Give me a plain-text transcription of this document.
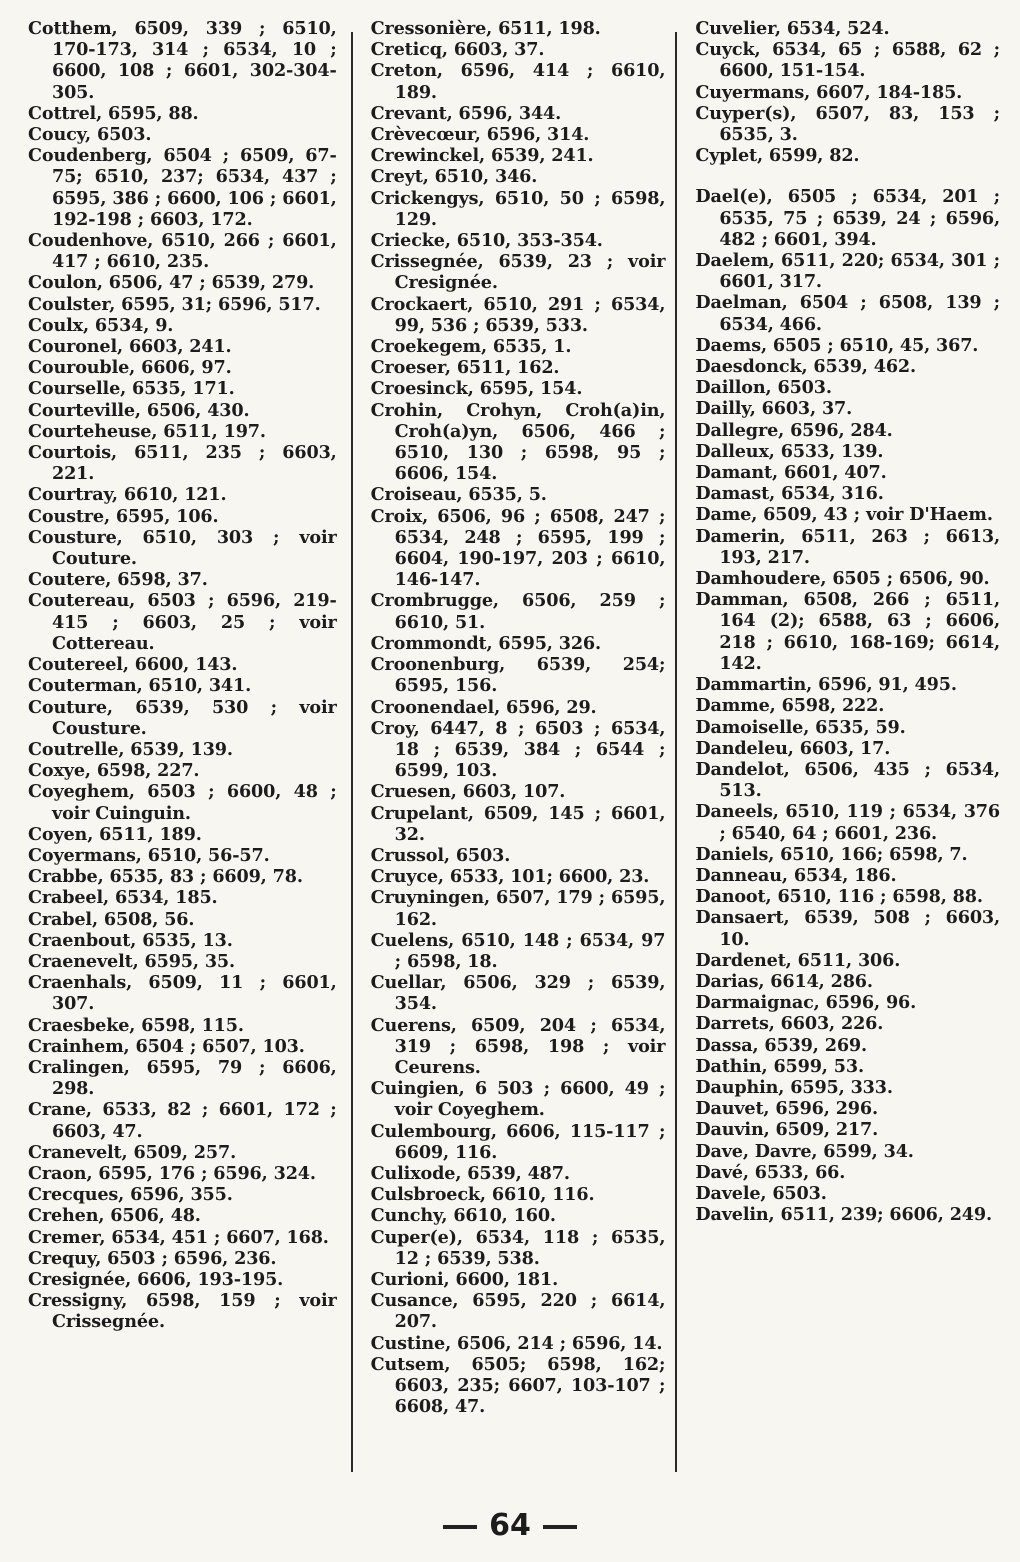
Cotthem, 6509, 339 ; 6510, 170-173, 314 ; 6534, 10 ; 6600, 108 ; 6601, 302-304-305.
Cottrel, 6595, 88.
Coucy, 6503.
Coudenberg, 6504 ; 6509, 67-75; 6510, 237; 6534, 437 ; 6595, 386 ; 6600, 106 ; 6601, 192-198 ; 6603, 172.
Coudenhove, 6510, 266 ; 6601, 417 ; 6610, 235.
Coulon, 6506, 47 ; 6539, 279.
Coulster, 6595, 31; 6596, 517.
Coulx, 6534, 9.
Couronel, 6603, 241.
Courouble, 6606, 97.
Courselle, 6535, 171.
Courteville, 6506, 430.
Courteheuse, 6511, 197.
Courtois, 6511, 235 ; 6603, 221.
Courtray, 6610, 121.
Coustre, 6595, 106.
Cousture, 6510, 303 ; voir Couture.
Coutere, 6598, 37.
Coutereau, 6503 ; 6596, 219-415 ; 6603, 25 ; voir Cottereau.
Coutereel, 6600, 143.
Couterman, 6510, 341.
Couture, 6539, 530 ; voir Cousture.
Coutrelle, 6539, 139.
Coxye, 6598, 227.
Coyeghem, 6503 ; 6600, 48 ; voir Cuinguin.
Coyen, 6511, 189.
Coyermans, 6510, 56-57.
Crabbe, 6535, 83 ; 6609, 78.
Crabeel, 6534, 185.
Crabel, 6508, 56.
Craenbout, 6535, 13.
Craenevelt, 6595, 35.
Craenhals, 6509, 11 ; 6601, 307.
Craesbeke, 6598, 115.
Crainhem, 6504 ; 6507, 103.
Cralingen, 6595, 79 ; 6606, 298.
Crane, 6533, 82 ; 6601, 172 ; 6603, 47.
Cranevelt, 6509, 257.
Craon, 6595, 176 ; 6596, 324.
Crecques, 6596, 355.
Crehen, 6506, 48.
Cremer, 6534, 451 ; 6607, 168.
Crequy, 6503 ; 6596, 236.
Cresignée, 6606, 193-195.
Cressigny, 6598, 159 ; voir Crissegnée.
Cressonière, 6511, 198.
Creticq, 6603, 37.
Creton, 6596, 414 ; 6610, 189.
Crevant, 6596, 344.
Crèvecœur, 6596, 314.
Crewinckel, 6539, 241.
Creyt, 6510, 346.
Crickengys, 6510, 50 ; 6598, 129.
Criecke, 6510, 353-354.
Crissegnée, 6539, 23 ; voir Cresignée.
Crockaert, 6510, 291 ; 6534, 99, 536 ; 6539, 533.
Croekegem, 6535, 1.
Croeser, 6511, 162.
Croesinck, 6595, 154.
Crohin, Crohyn, Croh(a)in, Croh(a)yn, 6506, 466 ; 6510, 130 ; 6598, 95 ; 6606, 154.
Croiseau, 6535, 5.
Croix, 6506, 96 ; 6508, 247 ; 6534, 248 ; 6595, 199 ; 6604, 190-197, 203 ; 6610, 146-147.
Crombrugge, 6506, 259 ; 6610, 51.
Crommondt, 6595, 326.
Croonenburg, 6539, 254; 6595, 156.
Croonendael, 6596, 29.
Croy, 6447, 8 ; 6503 ; 6534, 18 ; 6539, 384 ; 6544 ; 6599, 103.
Cruesen, 6603, 107.
Crupelant, 6509, 145 ; 6601, 32.
Crussol, 6503.
Cruyce, 6533, 101; 6600, 23.
Cruyningen, 6507, 179 ; 6595, 162.
Cuelens, 6510, 148 ; 6534, 97 ; 6598, 18.
Cuellar, 6506, 329 ; 6539, 354.
Cuerens, 6509, 204 ; 6534, 319 ; 6598, 198 ; voir Ceurens.
Cuingien, 6 503 ; 6600, 49 ; voir Coyeghem.
Culembourg, 6606, 115-117 ; 6609, 116.
Culixode, 6539, 487.
Culsbroeck, 6610, 116.
Cunchy, 6610, 160.
Cuper(e), 6534, 118 ; 6535, 12 ; 6539, 538.
Curioni, 6600, 181.
Cusance, 6595, 220 ; 6614, 207.
Custine, 6506, 214 ; 6596, 14.
Cutsem, 6505; 6598, 162; 6603, 235; 6607, 103-107 ; 6608, 47.
Cuvelier, 6534, 524.
Cuyck, 6534, 65 ; 6588, 62 ; 6600, 151-154.
Cuyermans, 6607, 184-185.
Cuyper(s), 6507, 83, 153 ; 6535, 3.
Cyplet, 6599, 82.
Dael(e), 6505 ; 6534, 201 ; 6535, 75 ; 6539, 24 ; 6596, 482 ; 6601, 394.
Daelem, 6511, 220; 6534, 301 ; 6601, 317.
Daelman, 6504 ; 6508, 139 ; 6534, 466.
Daems, 6505 ; 6510, 45, 367.
Daesdonck, 6539, 462.
Daillon, 6503.
Dailly, 6603, 37.
Dallegre, 6596, 284.
Dalleux, 6533, 139.
Damant, 6601, 407.
Damast, 6534, 316.
Dame, 6509, 43 ; voir D'Haem.
Damerin, 6511, 263 ; 6613, 193, 217.
Damhoudere, 6505 ; 6506, 90.
Damman, 6508, 266 ; 6511, 164 (2); 6588, 63 ; 6606, 218 ; 6610, 168-169; 6614, 142.
Dammartin, 6596, 91, 495.
Damme, 6598, 222.
Damoiselle, 6535, 59.
Dandeleu, 6603, 17.
Dandelot, 6506, 435 ; 6534, 513.
Daneels, 6510, 119 ; 6534, 376 ; 6540, 64 ; 6601, 236.
Daniels, 6510, 166; 6598, 7.
Danneau, 6534, 186.
Danoot, 6510, 116 ; 6598, 88.
Dansaert, 6539, 508 ; 6603, 10.
Dardenet, 6511, 306.
Darias, 6614, 286.
Darmaignac, 6596, 96.
Darrets, 6603, 226.
Dassa, 6539, 269.
Dathin, 6599, 53.
Dauphin, 6595, 333.
Dauvet, 6596, 296.
Dauvin, 6509, 217.
Dave, Davre, 6599, 34.
Davé, 6533, 66.
Davele, 6503.
Davelin, 6511, 239; 6606, 249.
64
